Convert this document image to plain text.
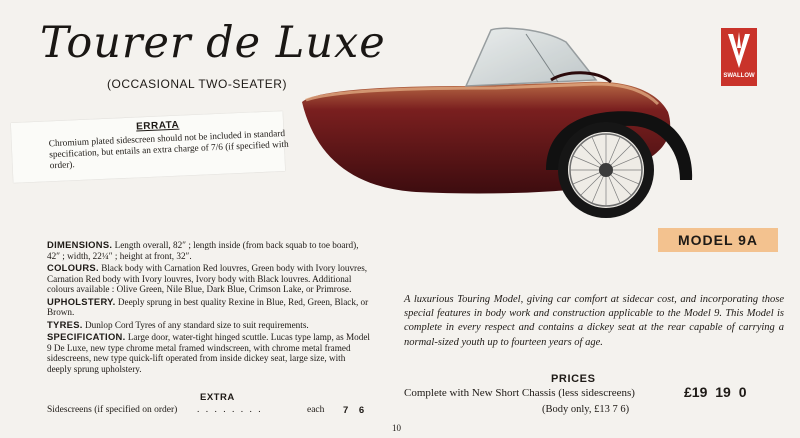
Tourer de Luxe
(OCCASIONAL TWO-SEATER)
ERRATA
Chromium plated sidescreen should not be included in standard specification, but entails an extra charge of 7/6 (if specified with order).
SWALLOW
MODEL 9A
DIMENSIONS. Length overall, 82″ ; length inside (from back squab to toe board), 42″ ; width, 22¼″ ; height at front, 32″.
COLOURS. Black body with Carnation Red louvres, Green body with Ivory louvres, Carnation Red body with Ivory louvres, Ivory body with Black louvres. Additional colours available : Olive Green, Nile Blue, Dark Blue, Crimson Lake, or Primrose.
UPHOLSTERY. Deeply sprung in best quality Rexine in Blue, Red, Green, Black, or Brown.
TYRES. Dunlop Cord Tyres of any standard size to suit requirements.
SPECIFICATION. Large door, water-tight hinged scuttle. Lucas type lamp, as Model 9 De Luxe, new type chrome metal framed windscreen, with chrome metal framed sidescreens, new type quick-lift operated from inside dickey seat, large size, with deeply sprung upholstery.
EXTRA
Sidescreens (if specified on order) . . . . . . . .	each 7 6
A luxurious Touring Model, giving car comfort at sidecar cost, and incorporating those special features in body work and construction applicable to the Model 9. This Model is complete in every respect and contains a dickey seat at the rear capable of carrying a normal-sized youth up to fourteen years of age.
PRICES
Complete with New Short Chassis (less sidescreens)	£19 19 0
(Body only, £13 7 6)
10
